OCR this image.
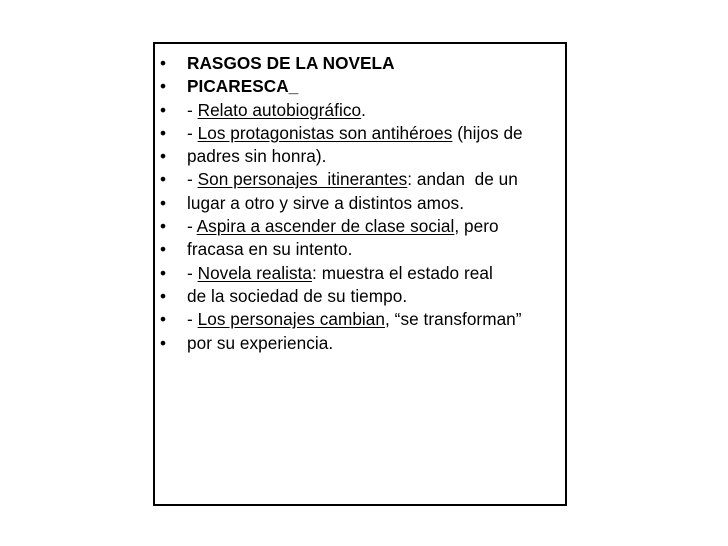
•	RASGOS DE LA NOVELA
•	PICARESCA_
•	- Relato autobiográfico.
•	- Los protagonistas son antihéroes (hijos de
•	padres sin honra).
•	- Son personajes  itinerantes: andan  de un
•	lugar a otro y sirve a distintos amos.
•	- Aspira a ascender de clase social, pero
•	fracasa en su intento.
•	- Novela realista: muestra el estado real
•	de la sociedad de su tiempo.
•	- Los personajes cambian, “se transforman”
•	por su experiencia.
